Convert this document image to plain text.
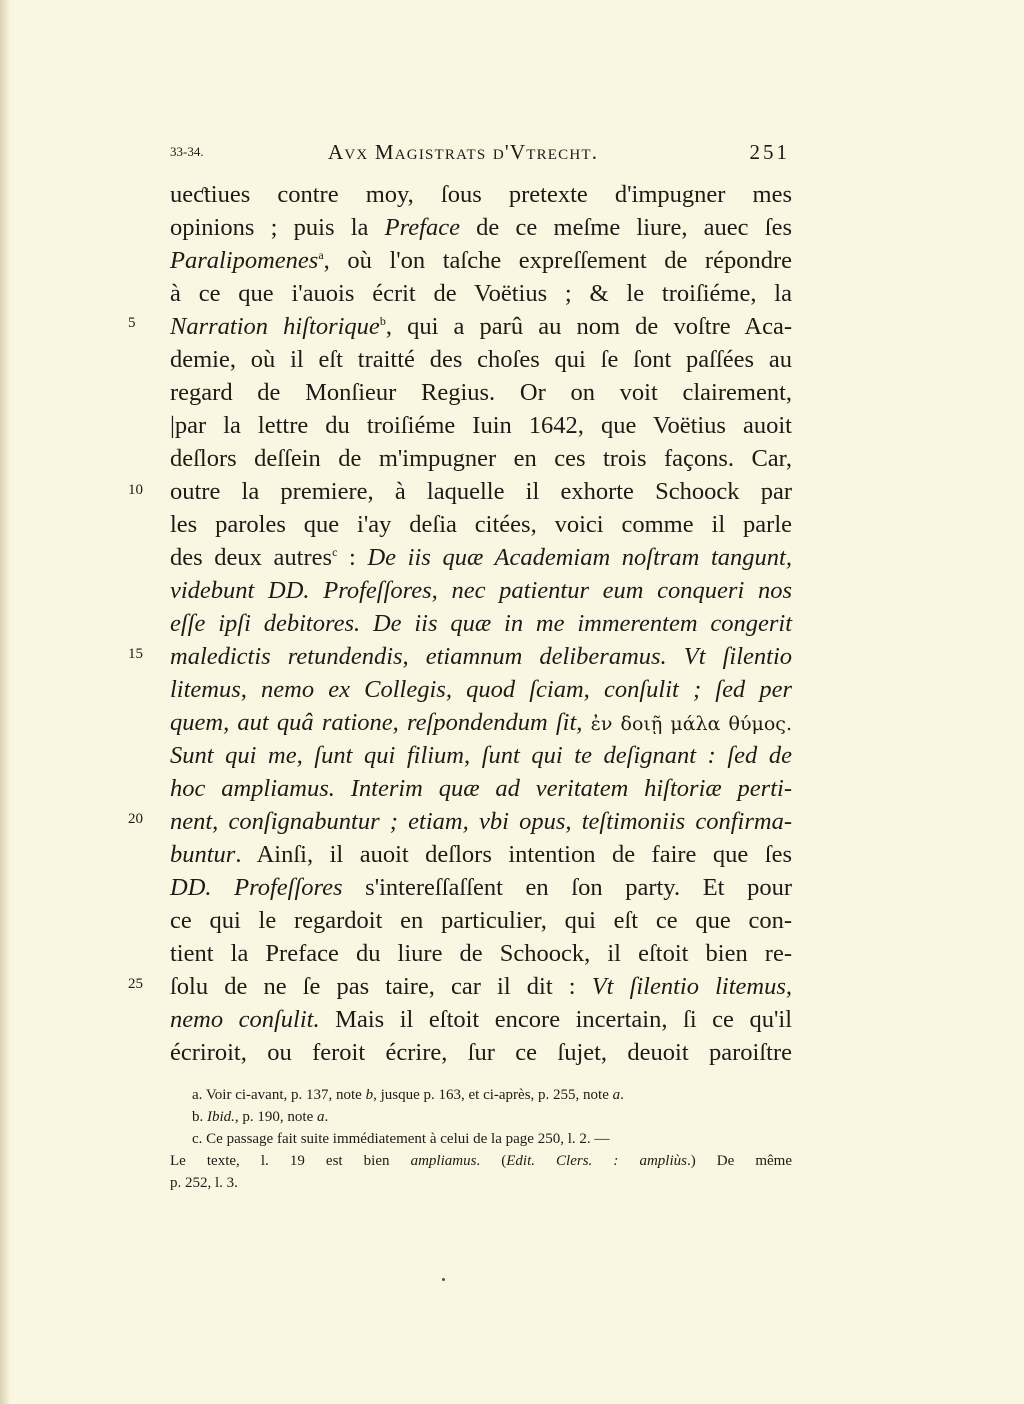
33-34.	Avx Magistrats d'Vtrecht.	251
5
10
15
20
25
ueƈtiues contre moy, ſous pretexte d'impugner mes
opinions ; puis la Preface de ce meſme liure, auec ſes
Paralipomenes$^a$, où l'on taſche expreſſement de répondre
à ce que i'auois écrit de Voëtius ; & le troiſiéme, la
Narration hiſtorique$^b$, qui a parû au nom de voſtre Aca-
demie, où il eſt traitté des choſes qui ſe ſont paſſées au
regard de Monſieur Regius. Or on voit clairement,
|par la lettre du troiſiéme Iuin 1642, que Voëtius auoit
deſlors deſſein de m'impugner en ces trois façons. Car,
outre la premiere, à laquelle il exhorte Schoock par
les paroles que i'ay deſia citées, voici comme il parle
des deux autres$^c$ : De iis quæ Academiam noſtram tangunt,
videbunt DD. Profeſſores, nec patientur eum conqueri nos
eſſe ipſi debitores. De iis quæ in me immerentem congerit
maledictis retundendis, etiamnum deliberamus. Vt ſilentio
litemus, nemo ex Collegis, quod ſciam, conſulit ; ſed per
quem, aut quâ ratione, reſpondendum ſit, ἐν δοιῇ μάλα θύμος.
Sunt qui me, ſunt qui filium, ſunt qui te deſignant : ſed de
hoc ampliamus. Interim quæ ad veritatem hiſtoriæ perti-
nent, conſignabuntur ; etiam, vbi opus, teſtimoniis confirma-
buntur. Ainſi, il auoit deſlors intention de faire que ſes
DD. Profeſſores s'intereſſaſſent en ſon party. Et pour
ce qui le regardoit en particulier, qui eſt ce que con-
tient la Preface du liure de Schoock, il eſtoit bien re-
ſolu de ne ſe pas taire, car il dit : Vt ſilentio litemus,
nemo conſulit. Mais il eſtoit encore incertain, ſi ce qu'il
écriroit, ou feroit écrire, ſur ce ſujet, deuoit paroiſtre
a. Voir ci-avant, p. 137, note b, jusque p. 163, et ci-après, p. 255, note a.
b. Ibid., p. 190, note a.
c. Ce passage fait suite immédiatement à celui de la page 250, l. 2. —
Le texte, l. 19 est bien ampliamus. (Edit. Clers. : ampliùs.) De même
p. 252, l. 3.
